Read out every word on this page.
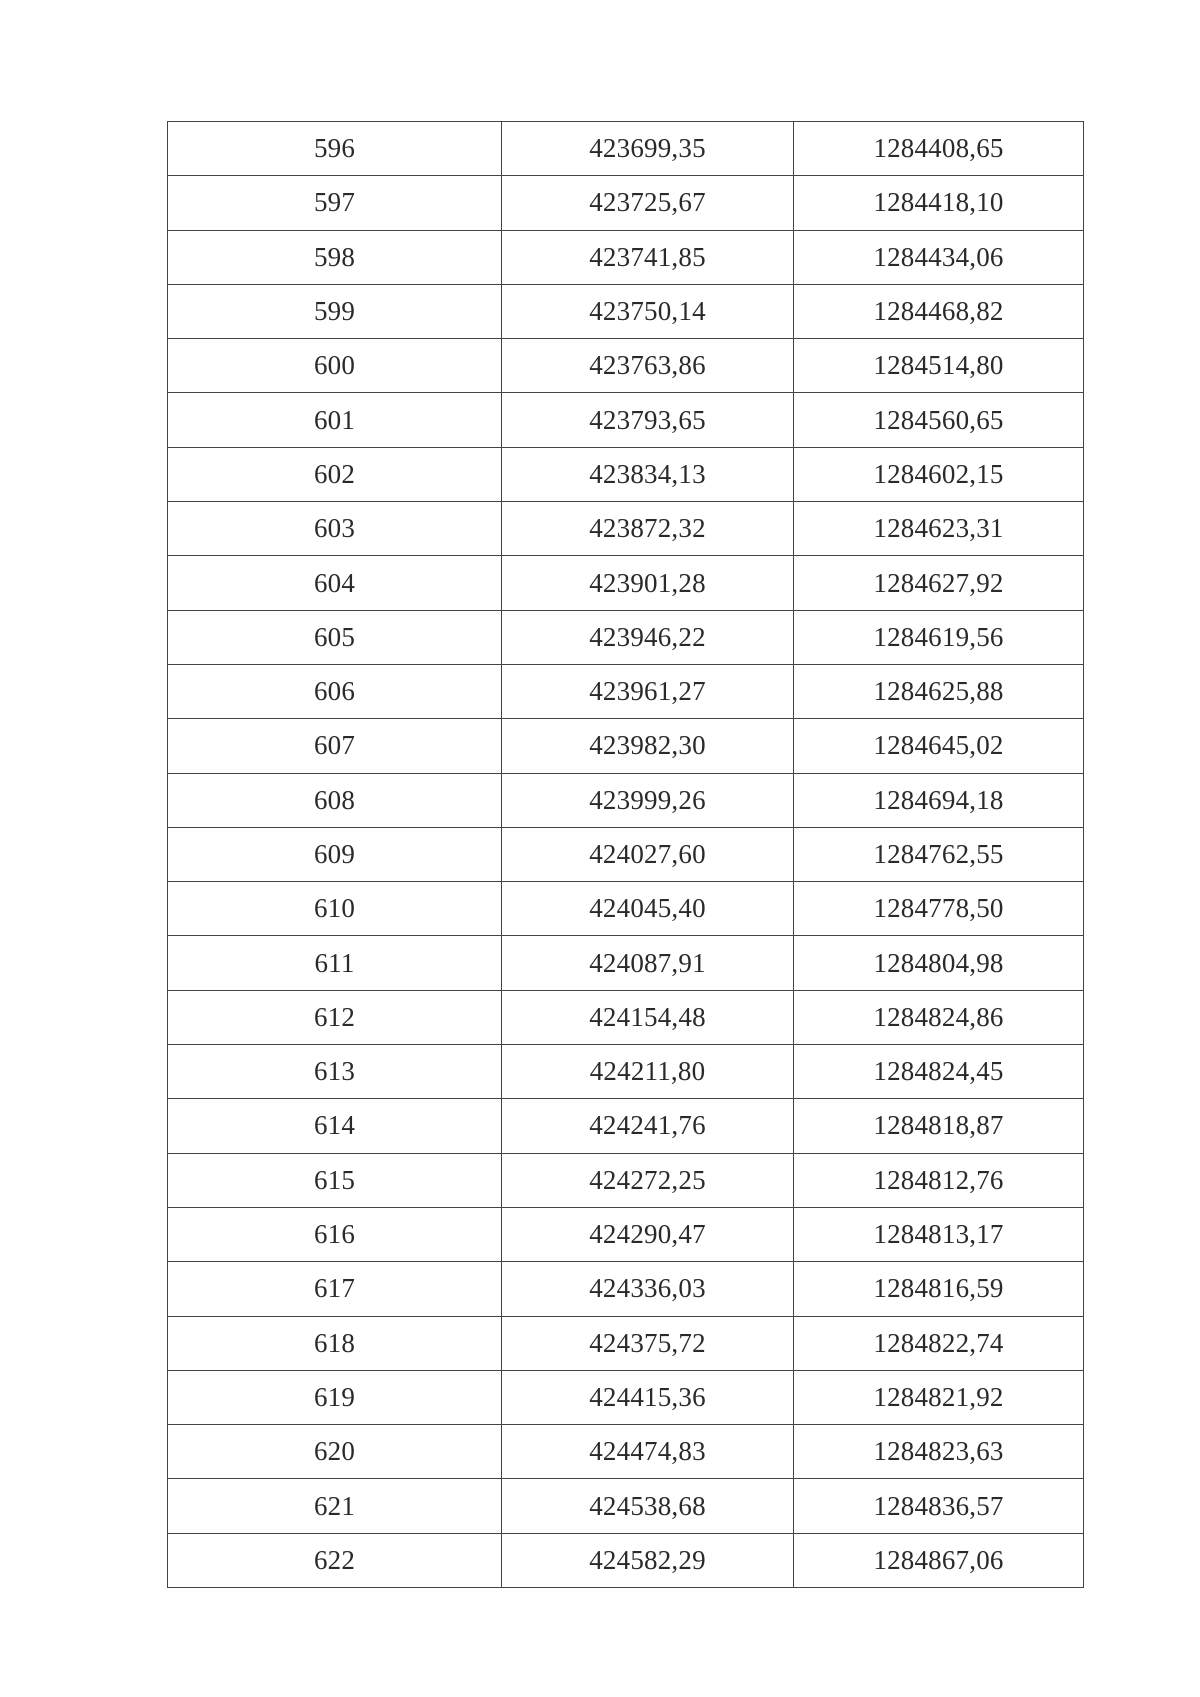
596	423699,35	1284408,65
597	423725,67	1284418,10
598	423741,85	1284434,06
599	423750,14	1284468,82
600	423763,86	1284514,80
601	423793,65	1284560,65
602	423834,13	1284602,15
603	423872,32	1284623,31
604	423901,28	1284627,92
605	423946,22	1284619,56
606	423961,27	1284625,88
607	423982,30	1284645,02
608	423999,26	1284694,18
609	424027,60	1284762,55
610	424045,40	1284778,50
611	424087,91	1284804,98
612	424154,48	1284824,86
613	424211,80	1284824,45
614	424241,76	1284818,87
615	424272,25	1284812,76
616	424290,47	1284813,17
617	424336,03	1284816,59
618	424375,72	1284822,74
619	424415,36	1284821,92
620	424474,83	1284823,63
621	424538,68	1284836,57
622	424582,29	1284867,06
